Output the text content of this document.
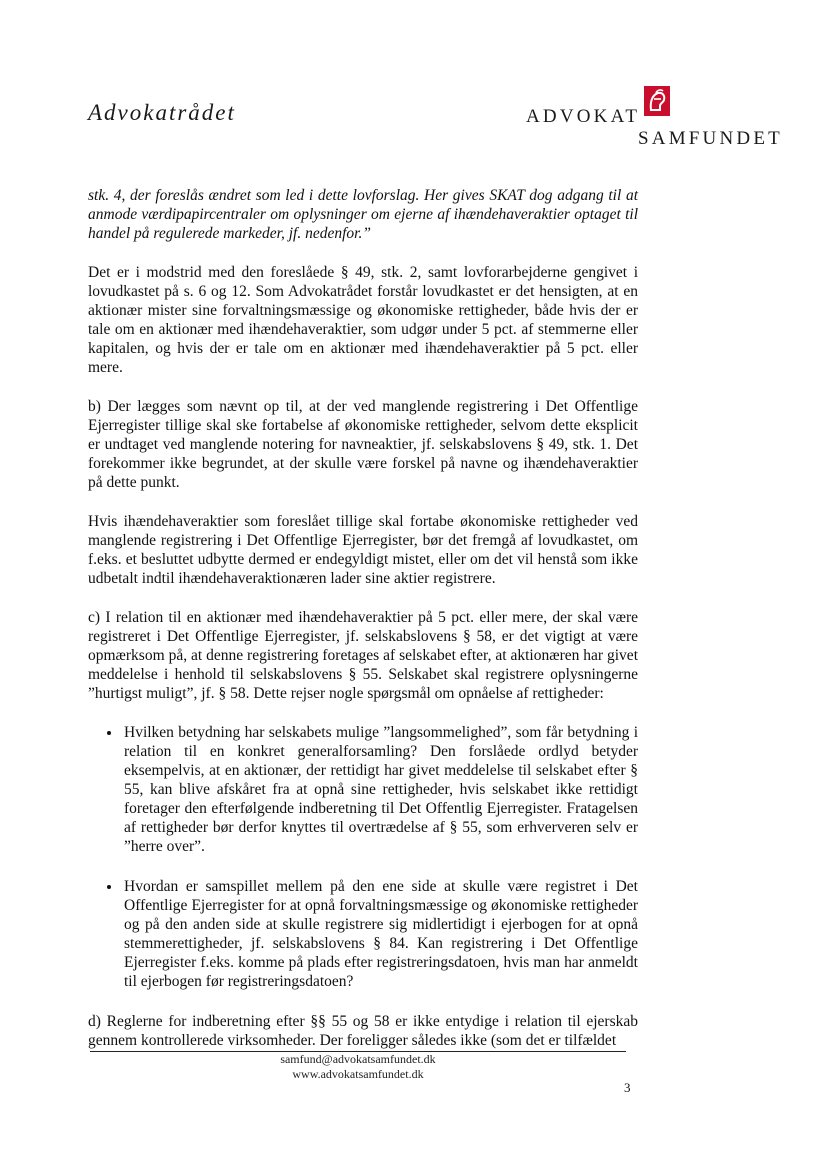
Advokatrådet	ADVOKAT
SAMFUNDET

stk. 4, der foreslås ændret som led i dette lovforslag. Her gives SKAT dog adgang til at anmode værdipapircentraler om oplysninger om ejerne af ihændehaveraktier optaget til handel på regulerede markeder, jf. nedenfor.”

Det er i modstrid med den foreslåede § 49, stk. 2, samt lovforarbejderne gengivet i lovudkastet på s. 6 og 12. Som Advokatrådet forstår lovudkastet er det hensigten, at en aktionær mister sine forvaltningsmæssige og økonomiske rettigheder, både hvis der er tale om en aktionær med ihændehaveraktier, som udgør under 5 pct. af stemmerne eller kapitalen, og hvis der er tale om en aktionær med ihændehaveraktier på 5 pct. eller mere.

b) Der lægges som nævnt op til, at der ved manglende registrering i Det Offentlige Ejerregister tillige skal ske fortabelse af økonomiske rettigheder, selvom dette eksplicit er undtaget ved manglende notering for navneaktier, jf. selskabslovens § 49, stk. 1. Det forekommer ikke begrundet, at der skulle være forskel på navne og ihændehaveraktier på dette punkt.

Hvis ihændehaveraktier som foreslået tillige skal fortabe økonomiske rettigheder ved manglende registrering i Det Offentlige Ejerregister, bør det fremgå af lovudkastet, om f.eks. et besluttet udbytte dermed er endegyldigt mistet, eller om det vil henstå som ikke udbetalt indtil ihændehaveraktionæren lader sine aktier registrere.

c) I relation til en aktionær med ihændehaveraktier på 5 pct. eller mere, der skal være registreret i Det Offentlige Ejerregister, jf. selskabslovens § 58, er det vigtigt at være opmærksom på, at denne registrering foretages af selskabet efter, at aktionæren har givet meddelelse i henhold til selskabslovens § 55. Selskabet skal registrere oplysningerne ”hurtigst muligt”, jf. § 58. Dette rejser nogle spørgsmål om opnåelse af rettigheder:

• Hvilken betydning har selskabets mulige ”langsommelighed”, som får betydning i relation til en konkret generalforsamling? Den forslåede ordlyd betyder eksempelvis, at en aktionær, der rettidigt har givet meddelelse til selskabet efter § 55, kan blive afskåret fra at opnå sine rettigheder, hvis selskabet ikke rettidigt foretager den efterfølgende indberetning til Det Offentlig Ejerregister. Fratagelsen af rettigheder bør derfor knyttes til overtrædelse af § 55, som erhververen selv er ”herre over”.
• Hvordan er samspillet mellem på den ene side at skulle være registret i Det Offentlige Ejerregister for at opnå forvaltningsmæssige og økonomiske rettigheder og på den anden side at skulle registrere sig midlertidigt i ejerbogen for at opnå stemmerettigheder, jf. selskabslovens § 84. Kan registrering i Det Offentlige Ejerregister f.eks. komme på plads efter registreringsdatoen, hvis man har anmeldt til ejerbogen før registreringsdatoen?

d) Reglerne for indberetning efter §§ 55 og 58 er ikke entydige i relation til ejerskab gennem kontrollerede virksomheder. Der foreligger således ikke (som det er tilfældet

samfund@advokatsamfundet.dk
www.advokatsamfundet.dk
3
